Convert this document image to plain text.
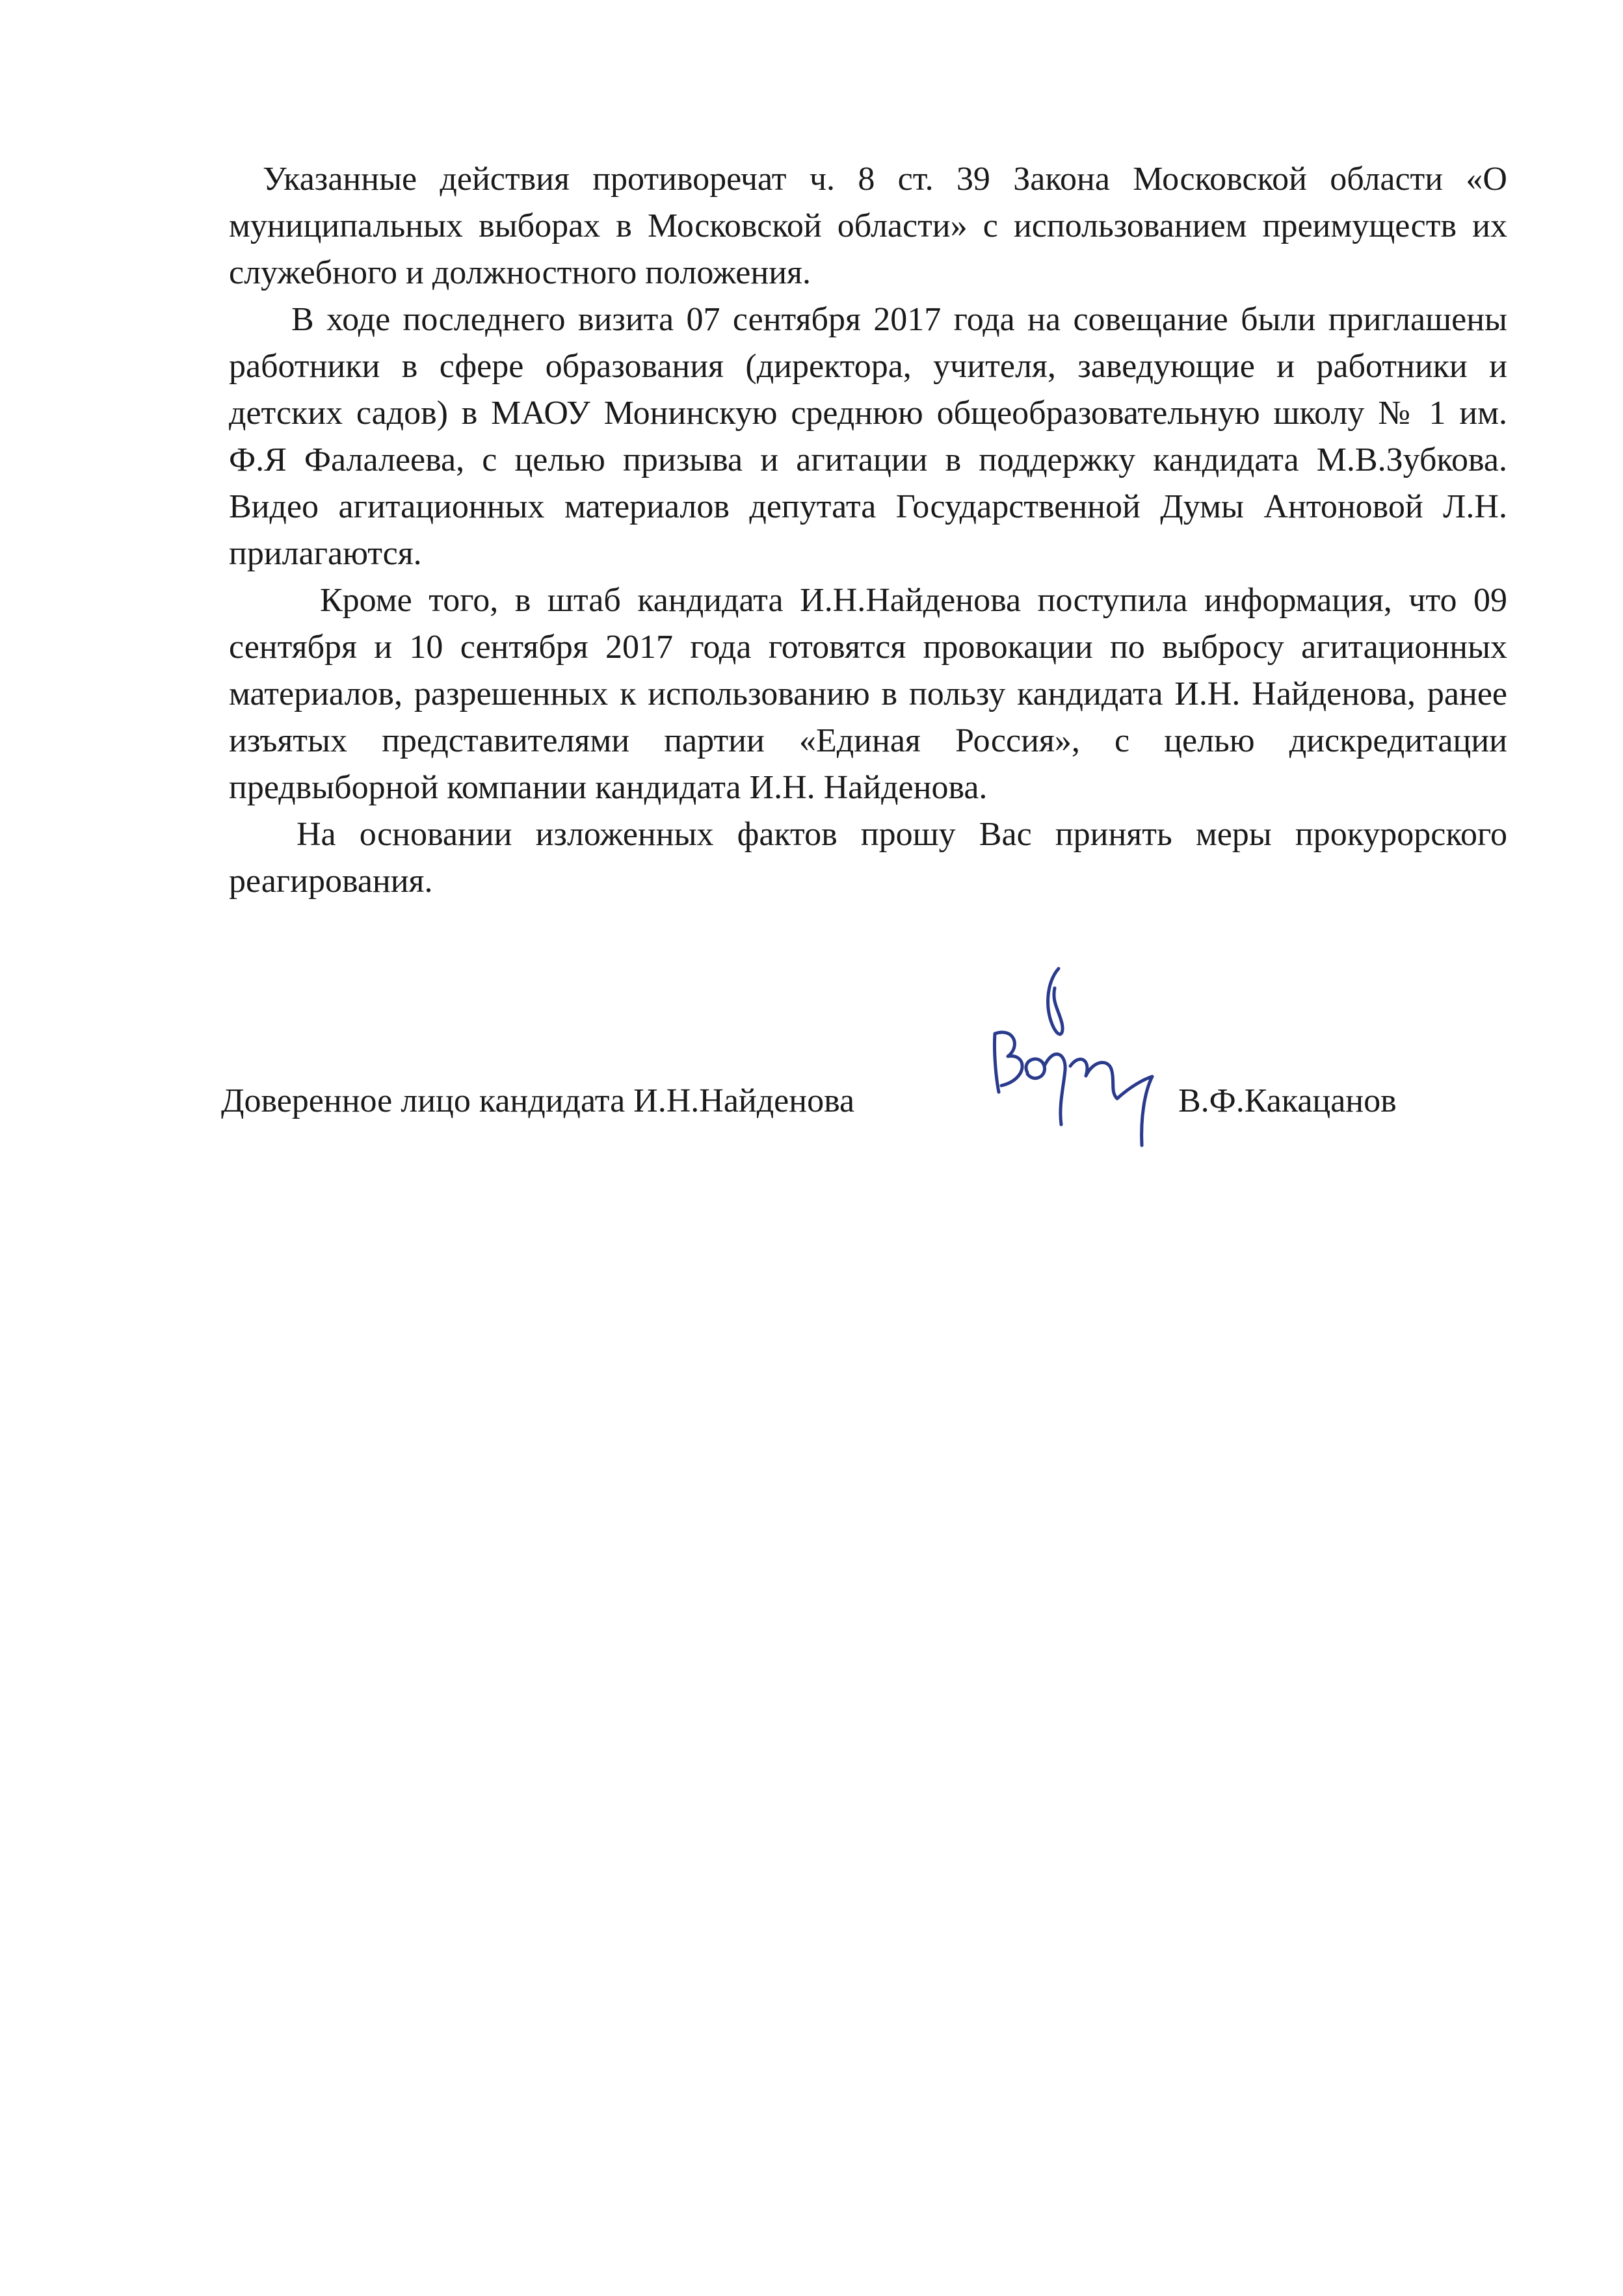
Указанные действия противоречат ч. 8 ст. 39 Закона Московской области «О муниципальных выборах в Московской области» с использованием преимуществ их служебного и должностного положения.

В ходе последнего визита 07 сентября 2017 года на совещание были приглашены работники в сфере образования (директора, учителя, заведующие и работники и детских садов) в МАОУ Монинскую среднюю общеобразовательную школу № 1 им. Ф.Я Фалалеева, с целью призыва и агитации в поддержку кандидата М.В.Зубкова. Видео агитационных материалов депутата Государственной Думы Антоновой Л.Н. прилагаются.

Кроме того, в штаб кандидата И.Н.Найденова поступила информация, что 09 сентября и 10 сентября 2017 года готовятся провокации по выбросу агитационных материалов, разрешенных к использованию в пользу кандидата И.Н. Найденова, ранее изъятых представителями партии «Единая Россия», с целью дискредитации предвыборной компании кандидата И.Н. Найденова.

На основании изложенных фактов прошу Вас принять меры прокурорского реагирования.

Доверенное лицо кандидата И.Н.Найденова	В.Ф.Какацанов
